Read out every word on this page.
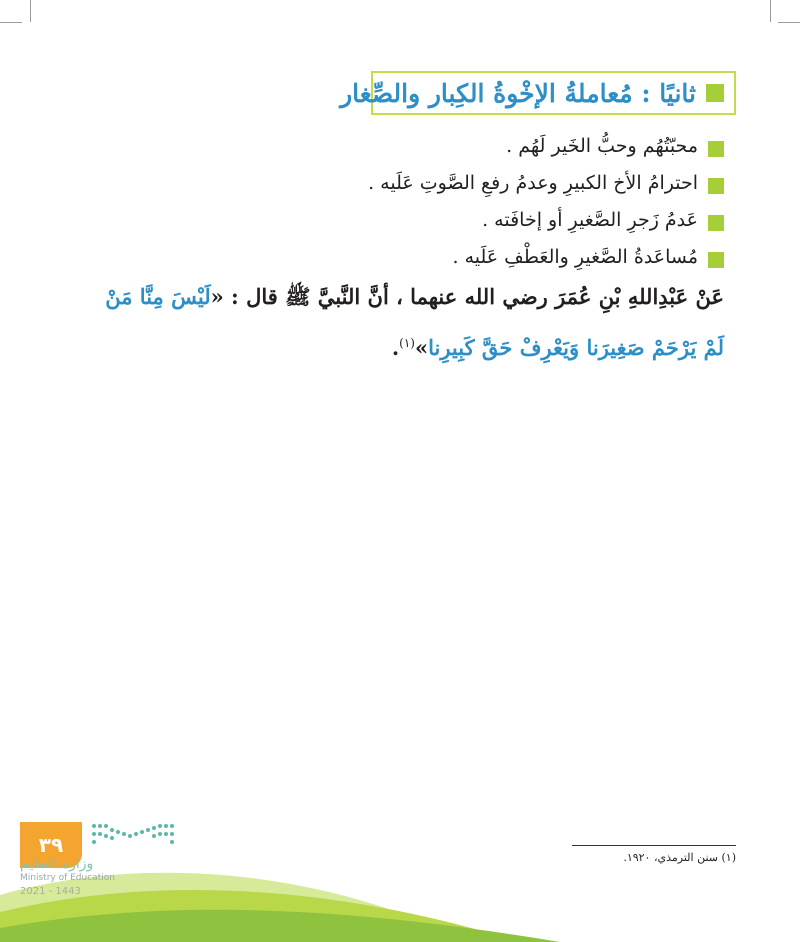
ثانيًا : مُعاملةُ الإخْوةُ الكِبار والصِّغار
محبّتُهُم وحبُّ الخَير لَهُم .
احترامُ الأخ الكبيرِ وعدمُ رفعِ الصَّوتِ عَلَيه .
عَدمُ زَجرِ الصَّغيرِ أو إخافَته .
مُساعَدةُ الصَّغيرِ والعَطْفِ عَلَيه .

عَنْ عَبْدِاللهِ بْنِ عُمَرَ رضي الله عنهما ، أنَّ النَّبيَّ ﷺ قال : «لَيْسَ مِنَّا مَنْ لَمْ يَرْحَمْ صَغِيرَنا وَيَعْرِفْ حَقَّ كَبِيرِنا»$^{(١)}$.

(١) سنن الترمذي، ١٩٢٠.
٣٩
وزارة التعليم
Ministry of Education
2021 - 1443
